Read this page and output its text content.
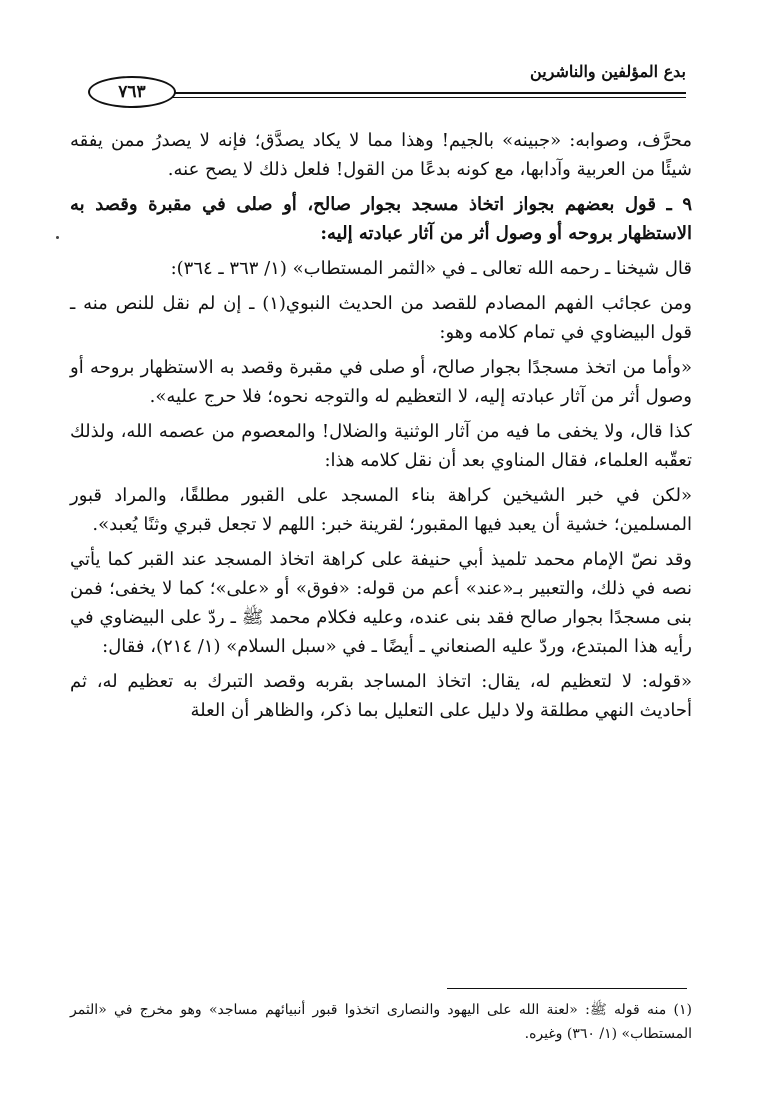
بدع المؤلفين والناشرين
٧٦٣

محرَّف، وصوابه: «جبينه» بالجيم! وهذا مما لا يكاد يصدَّق؛ فإنه لا يصدرُ ممن يفقه شيئًا من العربية وآدابها، مع كونه بدعًا من القول! فلعل ذلك لا يصح عنه.

٩ ـ قول بعضهم بجواز اتخاذ مسجد بجوار صالح، أو صلى في مقبرة وقصد به الاستظهار بروحه أو وصول أثر من آثار عبادته إليه:

قال شيخنا ـ رحمه الله تعالى ـ في «الثمر المستطاب» (١/ ٣٦٣ ـ ٣٦٤):

ومن عجائب الفهم المصادم للقصد من الحديث النبوي(١) ـ إن لم نقل للنص منه ـ قول البيضاوي في تمام كلامه وهو:

«وأما من اتخذ مسجدًا بجوار صالح، أو صلى في مقبرة وقصد به الاستظهار بروحه أو وصول أثر من آثار عبادته إليه، لا التعظيم له والتوجه نحوه؛ فلا حرج عليه».

كذا قال، ولا يخفى ما فيه من آثار الوثنية والضلال! والمعصوم من عصمه الله، ولذلك تعقّبه العلماء، فقال المناوي بعد أن نقل كلامه هذا:

«لكن في خبر الشيخين كراهة بناء المسجد على القبور مطلقًا، والمراد قبور المسلمين؛ خشية أن يعبد فيها المقبور؛ لقرينة خبر: اللهم لا تجعل قبري وثنًا يُعبد».

وقد نصّ الإمام محمد تلميذ أبي حنيفة على كراهة اتخاذ المسجد عند القبر كما يأتي نصه في ذلك، والتعبير بـ«عند» أعم من قوله: «فوق» أو «على»؛ كما لا يخفى؛ فمن بنى مسجدًا بجوار صالح فقد بنى عنده، وعليه فكلام محمد ﷺ ـ ردّ على البيضاوي في رأيه هذا المبتدع، وردّ عليه الصنعاني ـ أيضًا ـ في «سبل السلام» (١/ ٢١٤)، فقال:

«قوله: لا لتعظيم له، يقال: اتخاذ المساجد بقربه وقصد التبرك به تعظيم له، ثم أحاديث النهي مطلقة ولا دليل على التعليل بما ذكر، والظاهر أن العلة

(١) منه قوله ﷺ: «لعنة الله على اليهود والنصارى اتخذوا قبور أنبيائهم مساجد» وهو مخرج في «الثمر المستطاب» (١/ ٣٦٠) وغيره.
